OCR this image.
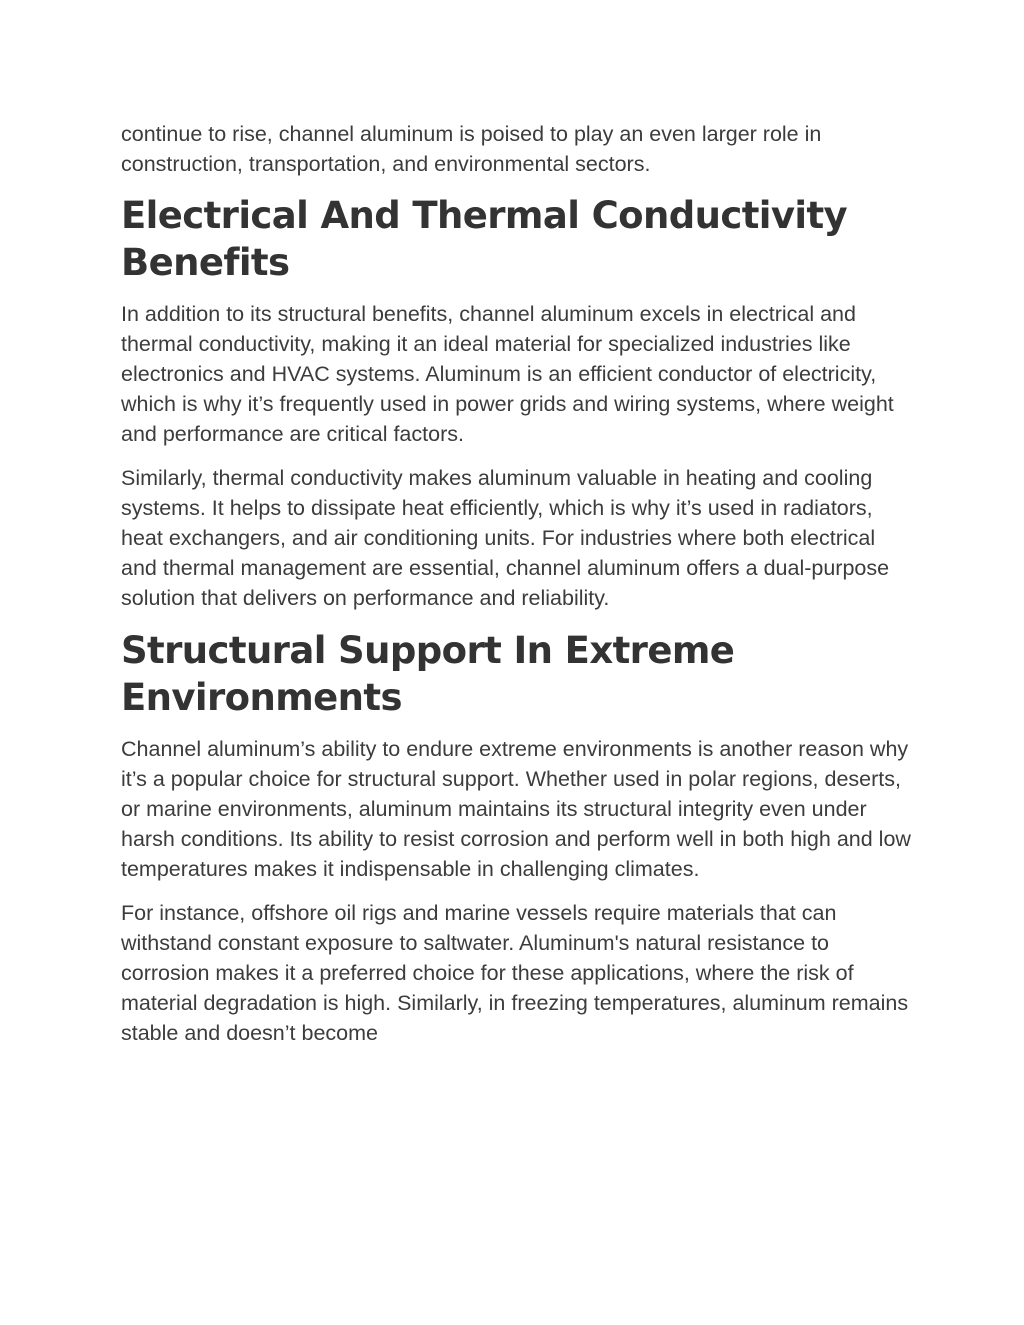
continue to rise, channel aluminum is poised to play an even larger role in construction, transportation, and environmental sectors.

Electrical And Thermal Conductivity Benefits

In addition to its structural benefits, channel aluminum excels in electrical and thermal conductivity, making it an ideal material for specialized industries like electronics and HVAC systems. Aluminum is an efficient conductor of electricity, which is why it’s frequently used in power grids and wiring systems, where weight and performance are critical factors.

Similarly, thermal conductivity makes aluminum valuable in heating and cooling systems. It helps to dissipate heat efficiently, which is why it’s used in radiators, heat exchangers, and air conditioning units. For industries where both electrical and thermal management are essential, channel aluminum offers a dual-purpose solution that delivers on performance and reliability.

Structural Support In Extreme Environments

Channel aluminum’s ability to endure extreme environments is another reason why it’s a popular choice for structural support. Whether used in polar regions, deserts, or marine environments, aluminum maintains its structural integrity even under harsh conditions. Its ability to resist corrosion and perform well in both high and low temperatures makes it indispensable in challenging climates.

For instance, offshore oil rigs and marine vessels require materials that can withstand constant exposure to saltwater. Aluminum's natural resistance to corrosion makes it a preferred choice for these applications, where the risk of material degradation is high. Similarly, in freezing temperatures, aluminum remains stable and doesn’t become
